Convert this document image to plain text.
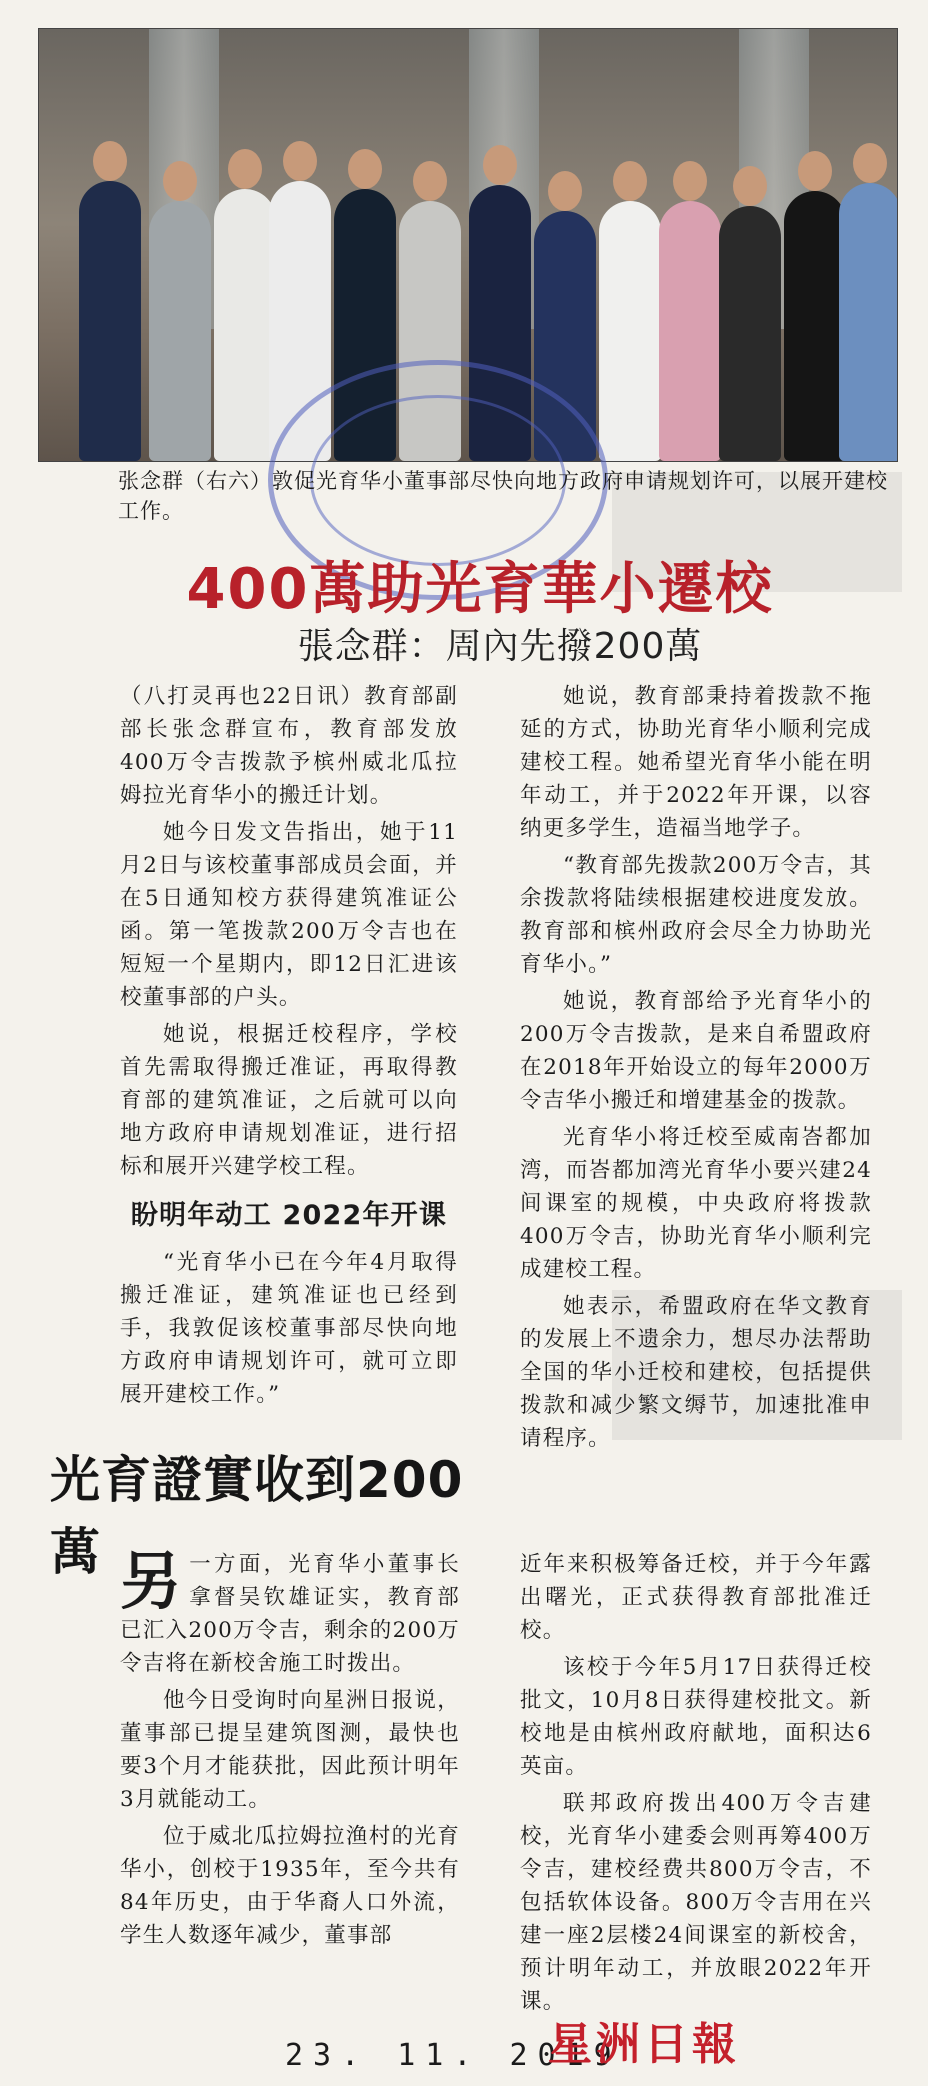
张念群（右六）敦促光育华小董事部尽快向地方政府申请规划许可，以展开建校工作。
400萬助光育華小遷校
張念群：周內先撥200萬

（八打灵再也22日讯）教育部副部长张念群宣布，教育部发放400万令吉拨款予槟州威北瓜拉姆拉光育华小的搬迁计划。

她今日发文告指出，她于11月2日与该校董事部成员会面，并在5日通知校方获得建筑准证公函。第一笔拨款200万令吉也在短短一个星期内，即12日汇进该校董事部的户头。

她说，根据迁校程序，学校首先需取得搬迁准证，再取得教育部的建筑准证，之后就可以向地方政府申请规划准证，进行招标和展开兴建学校工程。

盼明年动工 2022年开课

“光育华小已在今年4月取得搬迁准证，建筑准证也已经到手，我敦促该校董事部尽快向地方政府申请规划许可，就可立即展开建校工作。”

她说，教育部秉持着拨款不拖延的方式，协助光育华小顺利完成建校工程。她希望光育华小能在明年动工，并于2022年开课，以容纳更多学生，造福当地学子。

“教育部先拨款200万令吉，其余拨款将陆续根据建校进度发放。教育部和槟州政府会尽全力协助光育华小。”

她说，教育部给予光育华小的200万令吉拨款，是来自希盟政府在2018年开始设立的每年2000万令吉华小搬迁和增建基金的拨款。

光育华小将迁校至威南峇都加湾，而峇都加湾光育华小要兴建24间课室的规模，中央政府将拨款400万令吉，协助光育华小顺利完成建校工程。

她表示，希盟政府在华文教育的发展上不遗余力，想尽办法帮助全国的华小迁校和建校，包括提供拨款和减少繁文缛节，加速批准申请程序。

光育證實收到200萬 另一方面，光育华小董事长拿督吴钦雄证实，教育部已汇入200万令吉，剩余的200万令吉将在新校舍施工时拨出。

他今日受询时向星洲日报说，董事部已提呈建筑图测，最快也要3个月才能获批，因此预计明年3月就能动工。

位于威北瓜拉姆拉渔村的光育华小，创校于1935年，至今共有84年历史，由于华裔人口外流，学生人数逐年减少，董事部

近年来积极筹备迁校，并于今年露出曙光，正式获得教育部批准迁校。

该校于今年5月17日获得迁校批文，10月8日获得建校批文。新校地是由槟州政府献地，面积达6英亩。

联邦政府拨出400万令吉建校，光育华小建委会则再筹400万令吉，建校经费共800万令吉，不包括软体设备。800万令吉用在兴建一座2层楼24间课室的新校舍，预计明年动工，并放眼2022年开课。

23. 11. 2019
星洲日報
